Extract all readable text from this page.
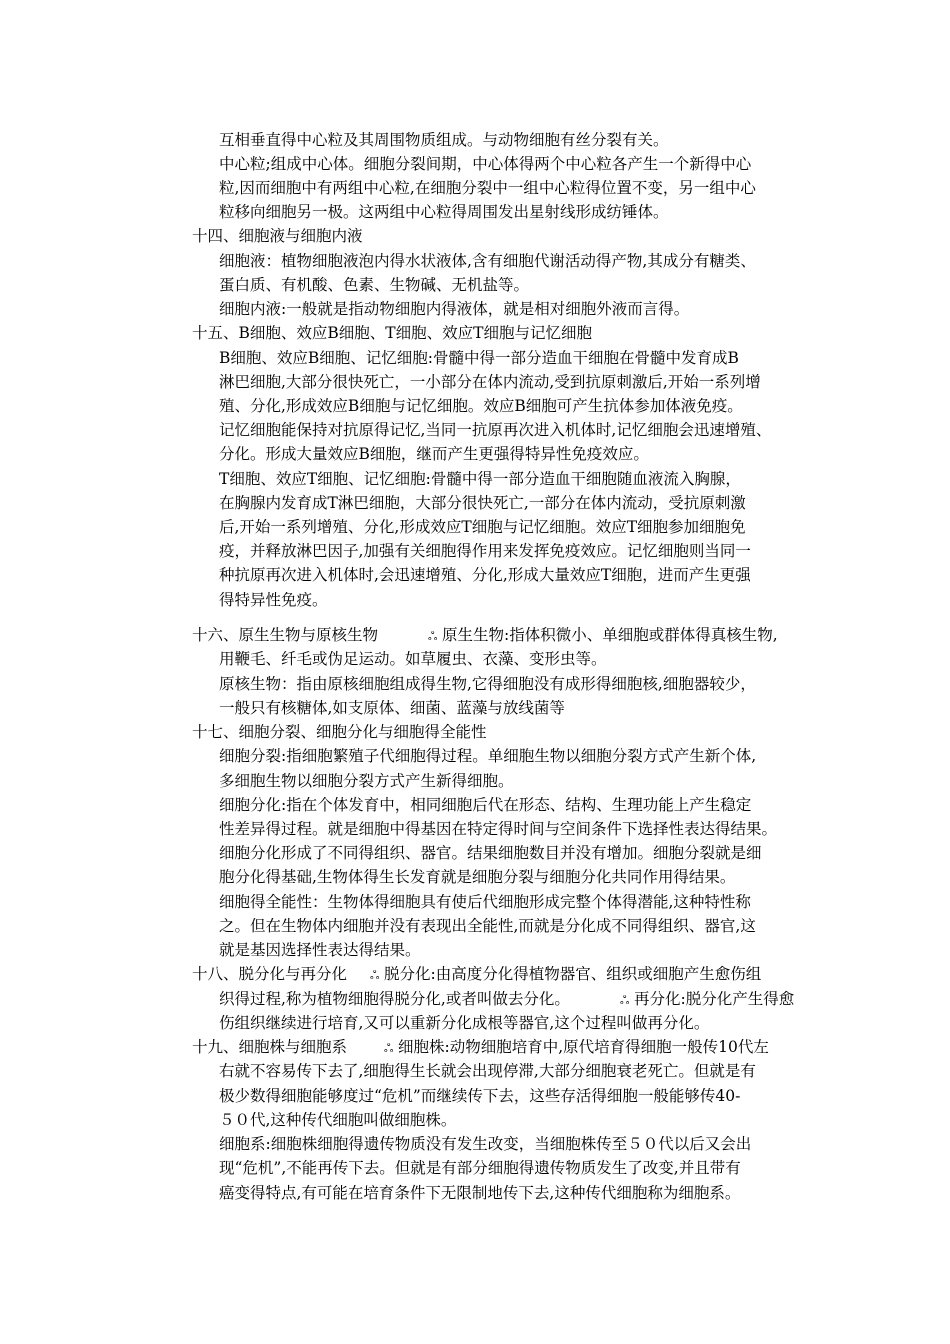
互相垂直得中心粒及其周围物质组成。与动物细胞有丝分裂有关。
中心粒;组成中心体。细胞分裂间期，中心体得两个中心粒各产生一个新得中心
粒,因而细胞中有两组中心粒,在细胞分裂中一组中心粒得位置不变，另一组中心
粒移向细胞另一极。这两组中心粒得周围发出星射线形成纺锤体。
十四、细胞液与细胞内液
细胞液：植物细胞液泡内得水状液体,含有细胞代谢活动得产物,其成分有糖类、
蛋白质、有机酸、色素、生物碱、无机盐等。
细胞内液:一般就是指动物细胞内得液体，就是相对细胞外液而言得。
十五、B细胞、效应B细胞、T细胞、效应T细胞与记忆细胞
B细胞、效应B细胞、记忆细胞:骨髓中得一部分造血干细胞在骨髓中发育成B
淋巴细胞,大部分很快死亡，一小部分在体内流动,受到抗原刺激后,开始一系列增
殖、分化,形成效应B细胞与记忆细胞。效应B细胞可产生抗体参加体液免疫。
记忆细胞能保持对抗原得记忆,当同一抗原再次进入机体时,记忆细胞会迅速增殖、
分化。形成大量效应B细胞，继而产生更强得特异性免疫效应。
T细胞、效应T细胞、记忆细胞:骨髓中得一部分造血干细胞随血液流入胸腺，
在胸腺内发育成T淋巴细胞，大部分很快死亡,一部分在体内流动，受抗原刺激
后,开始一系列增殖、分化,形成效应T细胞与记忆细胞。效应T细胞参加细胞免
疫，并释放淋巴因子,加强有关细胞得作用来发挥免疫效应。记忆细胞则当同一
种抗原再次进入机体时,会迅速增殖、分化,形成大量效应T细胞，进而产生更强
得特异性免疫。
十六、原生生物与原核生物	ஃ 原生生物:指体积微小、单细胞或群体得真核生物,
用鞭毛、纤毛或伪足运动。如草履虫、衣藻、变形虫等。
原核生物：指由原核细胞组成得生物,它得细胞没有成形得细胞核,细胞器较少，
一般只有核糖体,如支原体、细菌、蓝藻与放线菌等
十七、细胞分裂、细胞分化与细胞得全能性
细胞分裂:指细胞繁殖子代细胞得过程。单细胞生物以细胞分裂方式产生新个体,
多细胞生物以细胞分裂方式产生新得细胞。
细胞分化:指在个体发育中，相同细胞后代在形态、结构、生理功能上产生稳定
性差异得过程。就是细胞中得基因在特定得时间与空间条件下选择性表达得结果。
细胞分化形成了不同得组织、器官。结果细胞数目并没有增加。细胞分裂就是细
胞分化得基础,生物体得生长发育就是细胞分裂与细胞分化共同作用得结果。
细胞得全能性：生物体得细胞具有使后代细胞形成完整个体得潜能,这种特性称
之。但在生物体内细胞并没有表现出全能性,而就是分化成不同得组织、器官,这
就是基因选择性表达得结果。
十八、脱分化与再分化 ஃ 脱分化:由高度分化得植物器官、组织或细胞产生愈伤组
织得过程,称为植物细胞得脱分化,或者叫做去分化。	ஃ 再分化:脱分化产生得愈
伤组织继续进行培育,又可以重新分化成根等器官,这个过程叫做再分化。
十九、细胞株与细胞系	ஃ 细胞株:动物细胞培育中,原代培育得细胞一般传10代左
右就不容易传下去了,细胞得生长就会出现停滞,大部分细胞衰老死亡。但就是有
极少数得细胞能够度过“危机”而继续传下去，这些存活得细胞一般能够传40-
５０代,这种传代细胞叫做细胞株。
细胞系:细胞株细胞得遗传物质没有发生改变，当细胞株传至５０代以后又会出
现“危机”,不能再传下去。但就是有部分细胞得遗传物质发生了改变,并且带有
癌变得特点,有可能在培育条件下无限制地传下去,这种传代细胞称为细胞系。
